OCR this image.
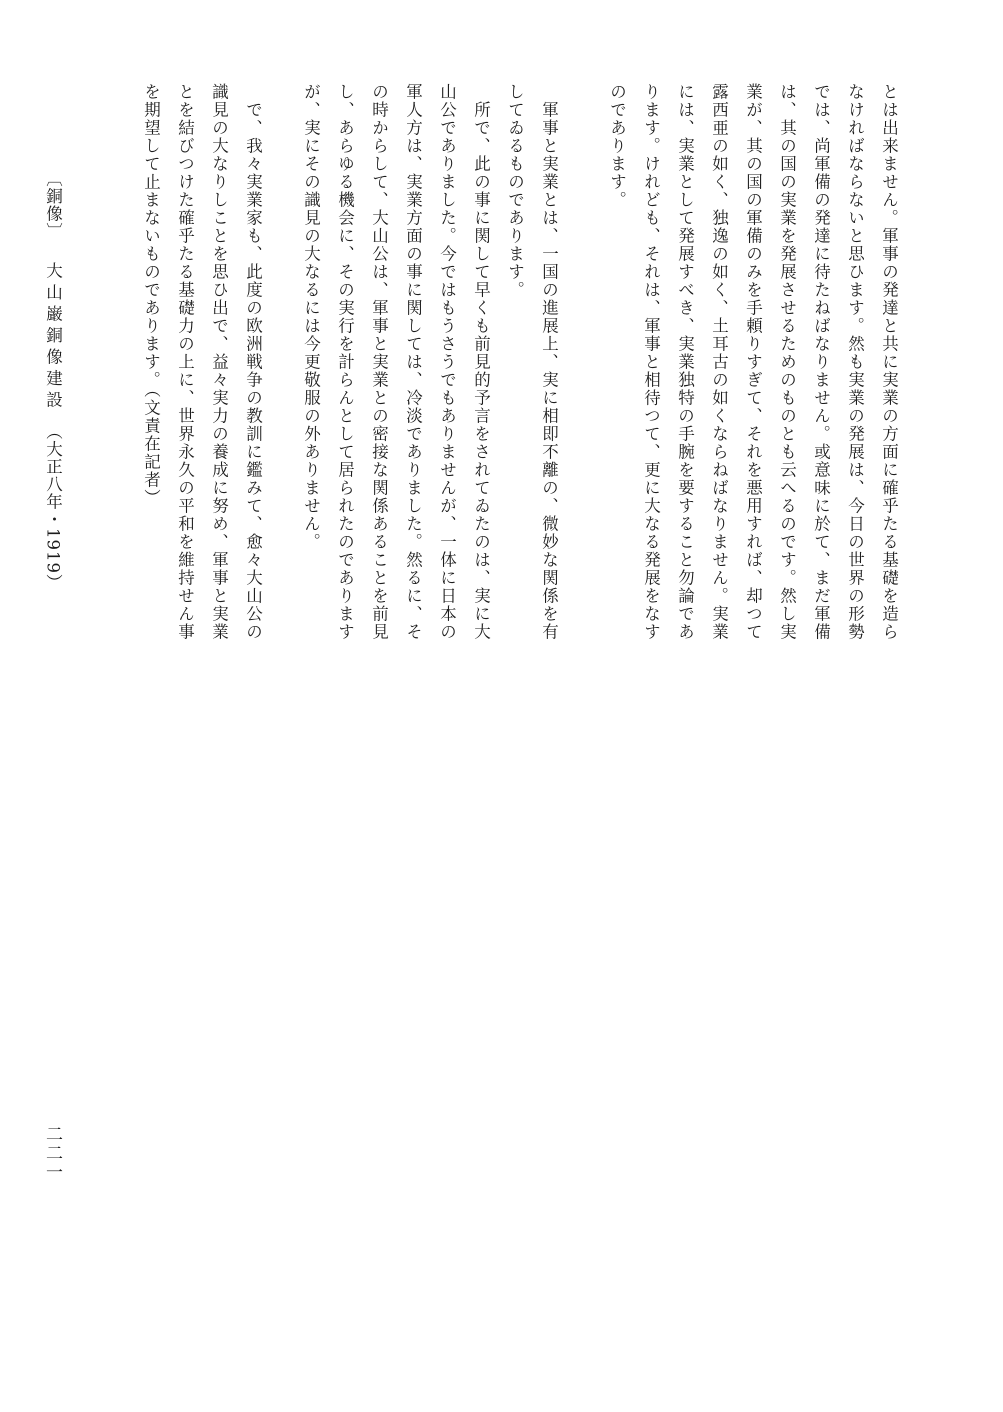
とは出来ません。軍事の発達と共に実業の方面に確乎たる基礎を造ら
なければならないと思ひます。然も実業の発展は、今日の世界の形勢
では、尚軍備の発達に待たねばなりません。或意味に於て、まだ軍備
は、其の国の実業を発展させるためのものとも云へるのです。然し実
業が、其の国の軍備のみを手頼りすぎて、それを悪用すれば、却つて
露西亜の如く、独逸の如く、土耳古の如くならねばなりません。実業
には、実業として発展すべき、実業独特の手腕を要すること勿論であ
ります。けれども、それは、軍事と相待つて、更に大なる発展をなす
のであります。
軍事と実業とは、一国の進展上、実に相即不離の、微妙な関係を有
してゐるものであります。
所で、此の事に関して早くも前見的予言をされてゐたのは、実に大
山公でありました。今ではもうさうでもありませんが、一体に日本の
軍人方は、実業方面の事に関しては、冷淡でありました。然るに、そ
の時からして、大山公は、軍事と実業との密接な関係あることを前見
し、あらゆる機会に、その実行を計らんとして居られたのであります
が、実にその識見の大なるには今更敬服の外ありません。
で、我々実業家も、此度の欧洲戦争の教訓に鑑みて、愈々大山公の
識見の大なりしことを思ひ出で、益々実力の養成に努め、軍事と実業
とを結びつけた確乎たる基礎力の上に、世界永久の平和を維持せん事
を期望して止まないものであります。（文責在記者）
〔銅像〕大山巌銅像建設（大正八年・1919）
二二一
